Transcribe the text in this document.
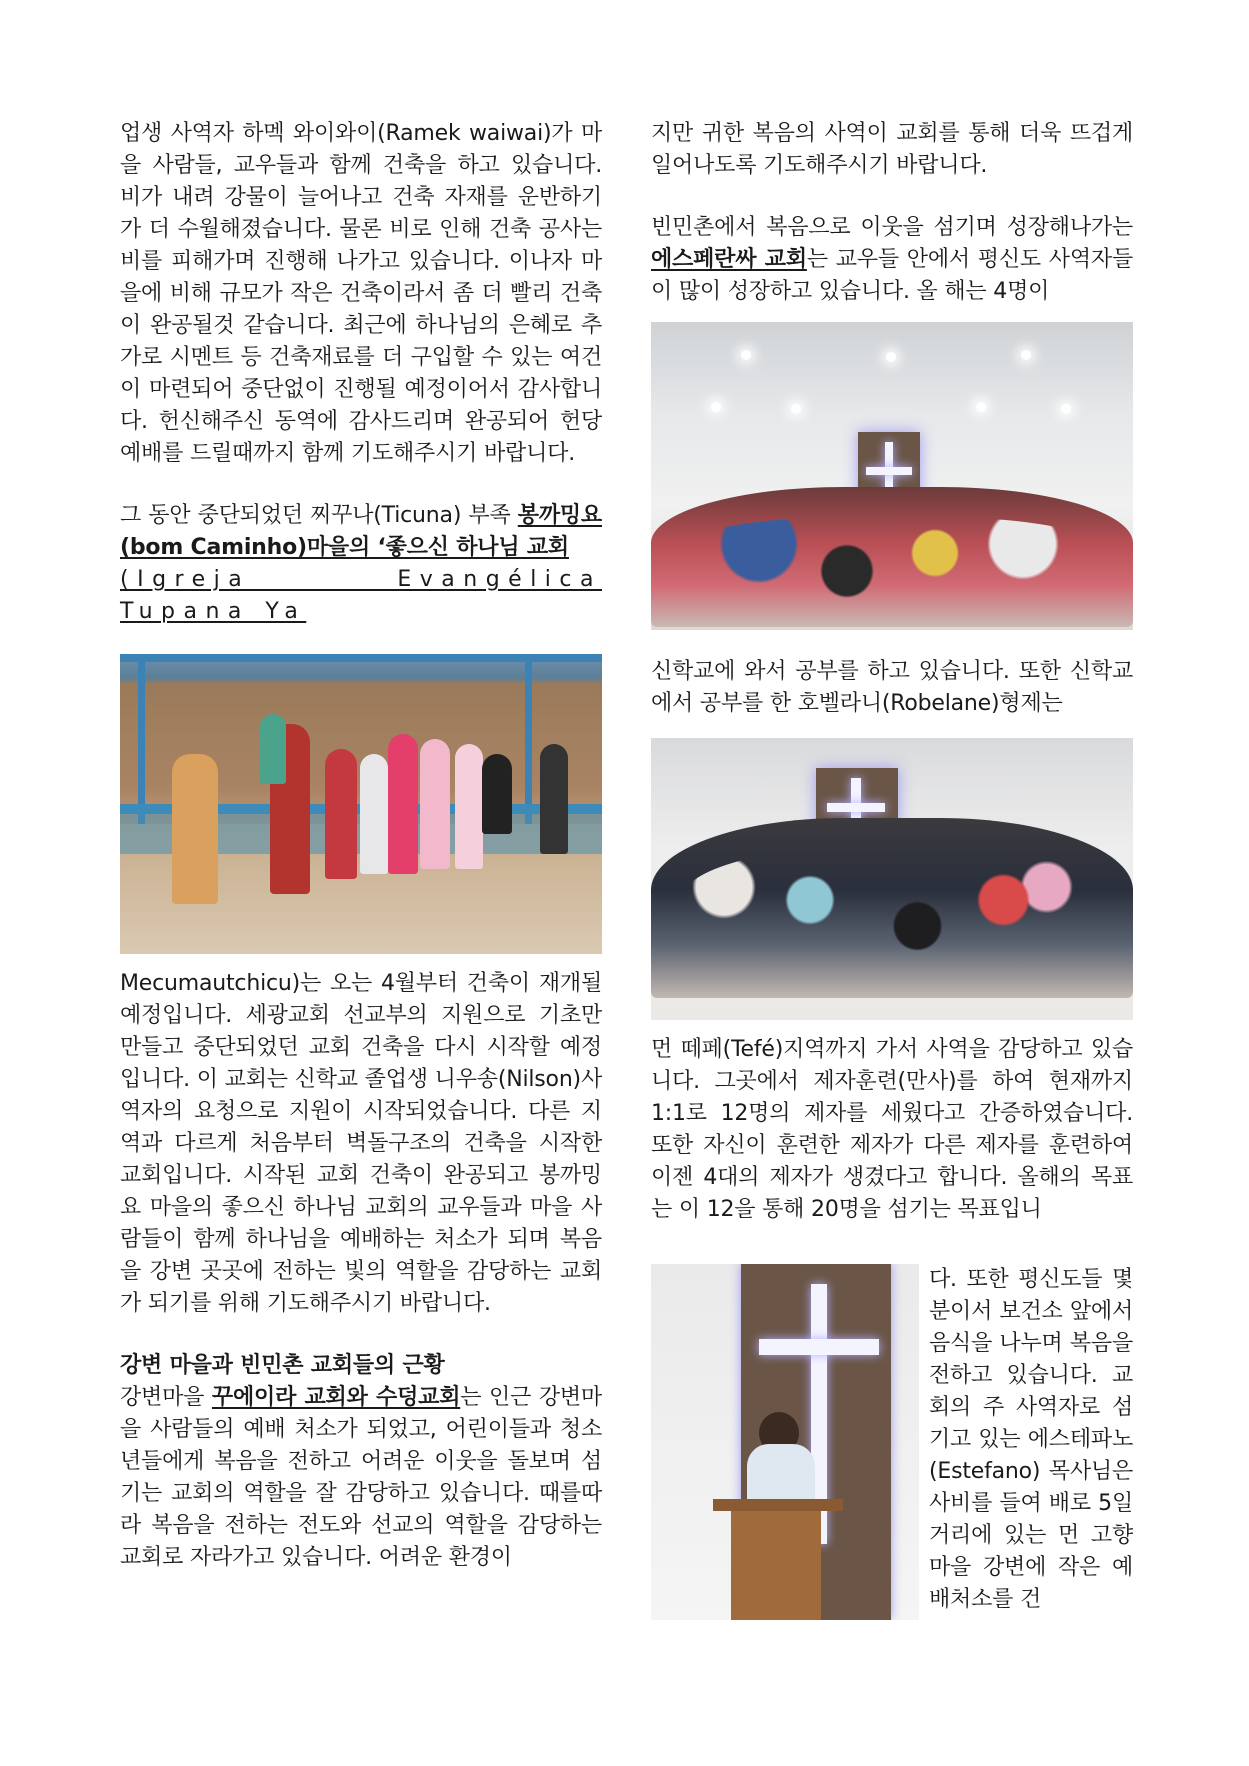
업생 사역자 하멕 와이와이(Ramek waiwai)가 마을 사람들, 교우들과 함께 건축을 하고 있습니다. 비가 내려 강물이 늘어나고 건축 자재를 운반하기가 더 수월해졌습니다. 물론 비로 인해 건축 공사는 비를 피해가며 진행해 나가고 있습니다. 이나자 마을에 비해 규모가 작은 건축이라서 좀 더 빨리 건축이 완공될것 같습니다. 최근에 하나님의 은혜로 추가로 시멘트 등 건축재료를 더 구입할 수 있는 여건이 마련되어 중단없이 진행될 예정이어서 감사합니다. 헌신해주신 동역에 감사드리며 완공되어 헌당예배를 드릴때까지 함께 기도해주시기 바랍니다.

그 동안 중단되었던 찌꾸나(Ticuna) 부족 봉까밍요(bom Caminho)마을의 ‘좋으신 하나님 교회
(Igreja Evangélica Tupana Ya

Mecumautchicu)는 오는 4월부터 건축이 재개될 예정입니다. 세광교회 선교부의 지원으로 기초만 만들고 중단되었던 교회 건축을 다시 시작할 예정입니다. 이 교회는 신학교 졸업생 니우송(Nilson)사역자의 요청으로 지원이 시작되었습니다. 다른 지역과 다르게 처음부터 벽돌구조의 건축을 시작한 교회입니다. 시작된 교회 건축이 완공되고 봉까밍요 마을의 좋으신 하나님 교회의 교우들과 마을 사람들이 함께 하나님을 예배하는 처소가 되며 복음을 강변 곳곳에 전하는 빛의 역할을 감당하는 교회가 되기를 위해 기도해주시기 바랍니다.

강변 마을과 빈민촌 교회들의 근황

강변마을 꾸에이라 교회와 수덩교회는 인근 강변마을 사람들의 예배 처소가 되었고, 어린이들과 청소년들에게 복음을 전하고 어려운 이웃을 돌보며 섬기는 교회의 역할을 잘 감당하고 있습니다. 때를따라 복음을 전하는 전도와 선교의 역할을 감당하는 교회로 자라가고 있습니다. 어려운 환경이

지만 귀한 복음의 사역이 교회를 통해 더욱 뜨겁게 일어나도록 기도해주시기 바랍니다.

빈민촌에서 복음으로 이웃을 섬기며 성장해나가는 에스페란싸 교회는 교우들 안에서 평신도 사역자들이 많이 성장하고 있습니다. 올 해는 4명이

신학교에 와서 공부를 하고 있습니다. 또한 신학교에서 공부를 한 호벨라니(Robelane)형제는

먼 떼페(Tefé)지역까지 가서 사역을 감당하고 있습니다. 그곳에서 제자훈련(만사)를 하여 현재까지 1:1로 12명의 제자를 세웠다고 간증하였습니다. 또한 자신이 훈련한 제자가 다른 제자를 훈련하여 이젠 4대의 제자가 생겼다고 합니다. 올해의 목표는 이 12을 통해 20명을 섬기는 목표입니

다. 또한 평신도들 몇분이서 보건소 앞에서 음식을 나누며 복음을 전하고 있습니다. 교회의 주 사역자로 섬기고 있는 에스테파노(Estefano) 목사님은 사비를 들여 배로 5일 거리에 있는 먼 고향마을 강변에 작은 예배처소를 건
